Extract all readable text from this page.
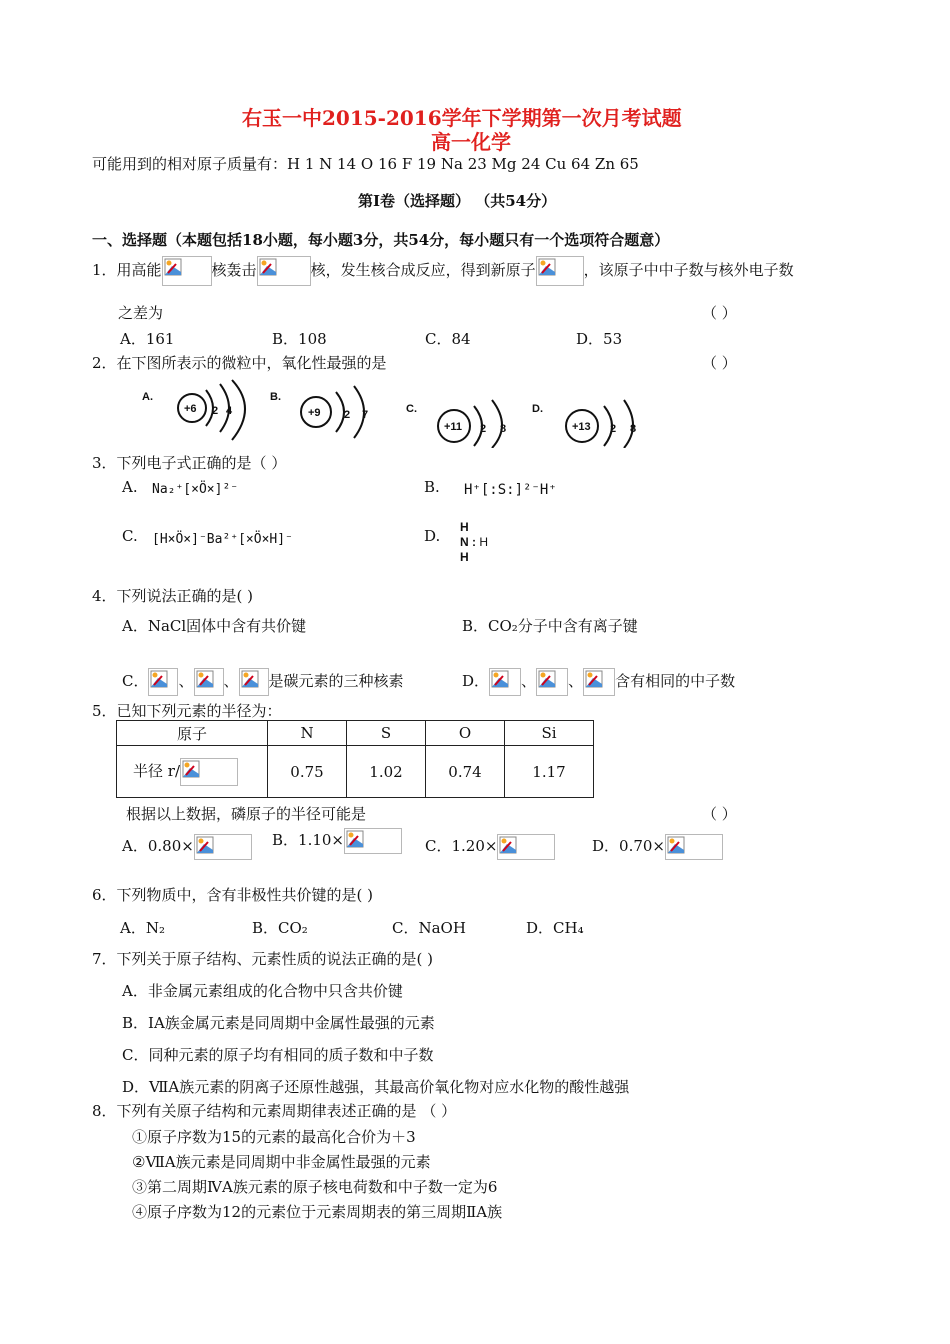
右玉一中2015-2016学年下学期第一次月考试题
高一化学
可能用到的相对原子质量有：H 1 N 14 O 16 F 19 Na 23 Mg 24 Cu 64 Zn 65
第Ⅰ卷（选择题） （共54分）
一、选择题（本题包括18小题，每小题3分，共54分，每小题只有一个选项符合题意）
1．用高能	核轰击	核，发生核合成反应，得到新原子	，该原子中中子数与核外电子数
之差为	（ ）
A．161	B．108	C．84	D．53
2．在下图所表示的微粒中，氧化性最强的是	（ ）
A.
+6 2 4
B.
+9 2 7	C.
+11 2 8
D.
+13 2 8
3．下列电子式正确的是（ ）
A. Na₂⁺[×Ö×]²⁻	B. H⁺[:S:]²⁻H⁺
C. [H×Ö×]⁻Ba²⁺[×Ö×H]⁻	D. H
N : H
H
4．下列说法正确的是( )
A．NaCl固体中含有共价键	B．CO₂分子中含有离子键
C． 、 、 是碳元素的三种核素	D． 、 、 含有相同的中子数
5．已知下列元素的半径为：
原子	N	S	O	Si
半径 r/	0.75	1.02	0.74	1.17
根据以上数据，磷原子的半径可能是	（ ）
A．0.80×	B．1.10×	C．1.20×	D．0.70×
6．下列物质中，含有非极性共价键的是( )
A．N₂	B．CO₂	C．NaOH	D．CH₄
7．下列关于原子结构、元素性质的说法正确的是( )
A．非金属元素组成的化合物中只含共价键
B．ⅠA族金属元素是同周期中金属性最强的元素
C．同种元素的原子均有相同的质子数和中子数
D．ⅦA族元素的阴离子还原性越强，其最高价氧化物对应水化物的酸性越强
8．下列有关原子结构和元素周期律表述正确的是 （ ）
①原子序数为15的元素的最高化合价为＋3
②ⅦA族元素是同周期中非金属性最强的元素
③第二周期ⅣA族元素的原子核电荷数和中子数一定为6
④原子序数为12的元素位于元素周期表的第三周期ⅡA族
